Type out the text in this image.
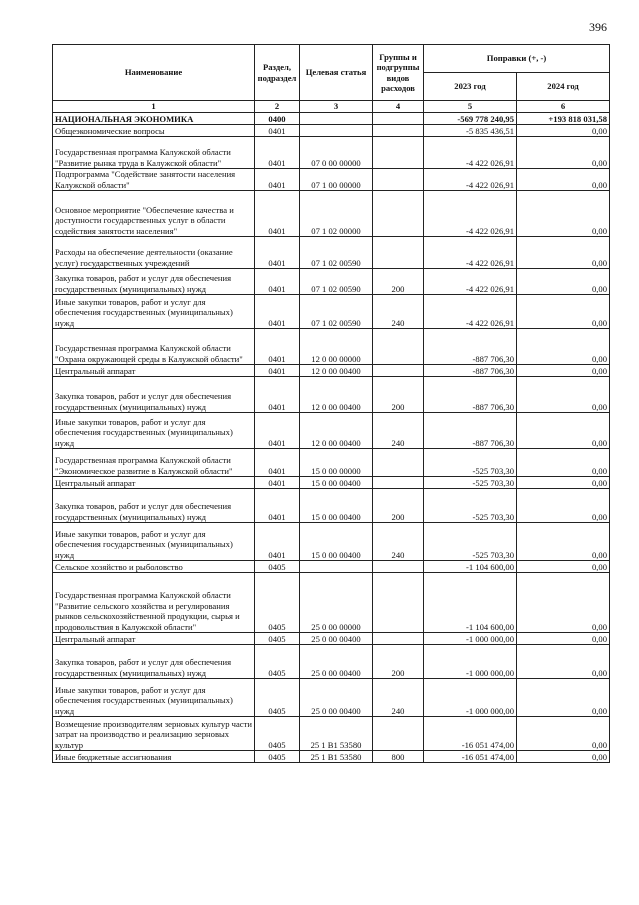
396
Наименование	Раздел, подраздел	Целевая статья	Группы и подгруппы видов расходов	Поправки (+, -)	
				2023 год	2024 год
1	2	3	4	5	6
НАЦИОНАЛЬНАЯ ЭКОНОМИКА	0400			-569 778 240,95	+193 818 031,58
Общеэкономические вопросы	0401			-5 835 436,51	0,00
Государственная программа Калужской области "Развитие рынка труда в Калужской области"	0401	07 0 00 00000		-4 422 026,91	0,00
Подпрограмма "Содействие занятости населения Калужской области"	0401	07 1 00 00000		-4 422 026,91	0,00
Основное мероприятие "Обеспечение качества и доступности государственных услуг в области содействия занятости населения"	0401	07 1 02 00000		-4 422 026,91	0,00
Расходы на обеспечение деятельности (оказание услуг) государственных учреждений	0401	07 1 02 00590		-4 422 026,91	0,00
Закупка товаров, работ и услуг для обеспечения государственных (муниципальных) нужд	0401	07 1 02 00590	200	-4 422 026,91	0,00
Иные закупки товаров, работ и услуг для обеспечения государственных (муниципальных) нужд	0401	07 1 02 00590	240	-4 422 026,91	0,00
Государственная программа Калужской области "Охрана окружающей среды в Калужской области"	0401	12 0 00 00000		-887 706,30	0,00
Центральный аппарат	0401	12 0 00 00400		-887 706,30	0,00
Закупка товаров, работ и услуг для обеспечения государственных (муниципальных) нужд	0401	12 0 00 00400	200	-887 706,30	0,00
Иные закупки товаров, работ и услуг для обеспечения государственных (муниципальных) нужд	0401	12 0 00 00400	240	-887 706,30	0,00
Государственная программа Калужской области "Экономическое развитие в Калужской области"	0401	15 0 00 00000		-525 703,30	0,00
Центральный аппарат	0401	15 0 00 00400		-525 703,30	0,00
Закупка товаров, работ и услуг для обеспечения государственных (муниципальных) нужд	0401	15 0 00 00400	200	-525 703,30	0,00
Иные закупки товаров, работ и услуг для обеспечения государственных (муниципальных) нужд	0401	15 0 00 00400	240	-525 703,30	0,00
Сельское хозяйство и рыболовство	0405			-1 104 600,00	0,00
Государственная программа Калужской области "Развитие сельского хозяйства и регулирования рынков сельскохозяйственной продукции, сырья и продовольствия в Калужской области"	0405	25 0 00 00000		-1 104 600,00	0,00
Центральный аппарат	0405	25 0 00 00400		-1 000 000,00	0,00
Закупка товаров, работ и услуг для обеспечения государственных (муниципальных) нужд	0405	25 0 00 00400	200	-1 000 000,00	0,00
Иные закупки товаров, работ и услуг для обеспечения государственных (муниципальных) нужд	0405	25 0 00 00400	240	-1 000 000,00	0,00
Возмещение производителям зерновых культур части затрат на производство и реализацию зерновых культур	0405	25 1 B1 53580		-16 051 474,00	0,00
Иные бюджетные ассигнования	0405	25 1 B1 53580	800	-16 051 474,00	0,00
